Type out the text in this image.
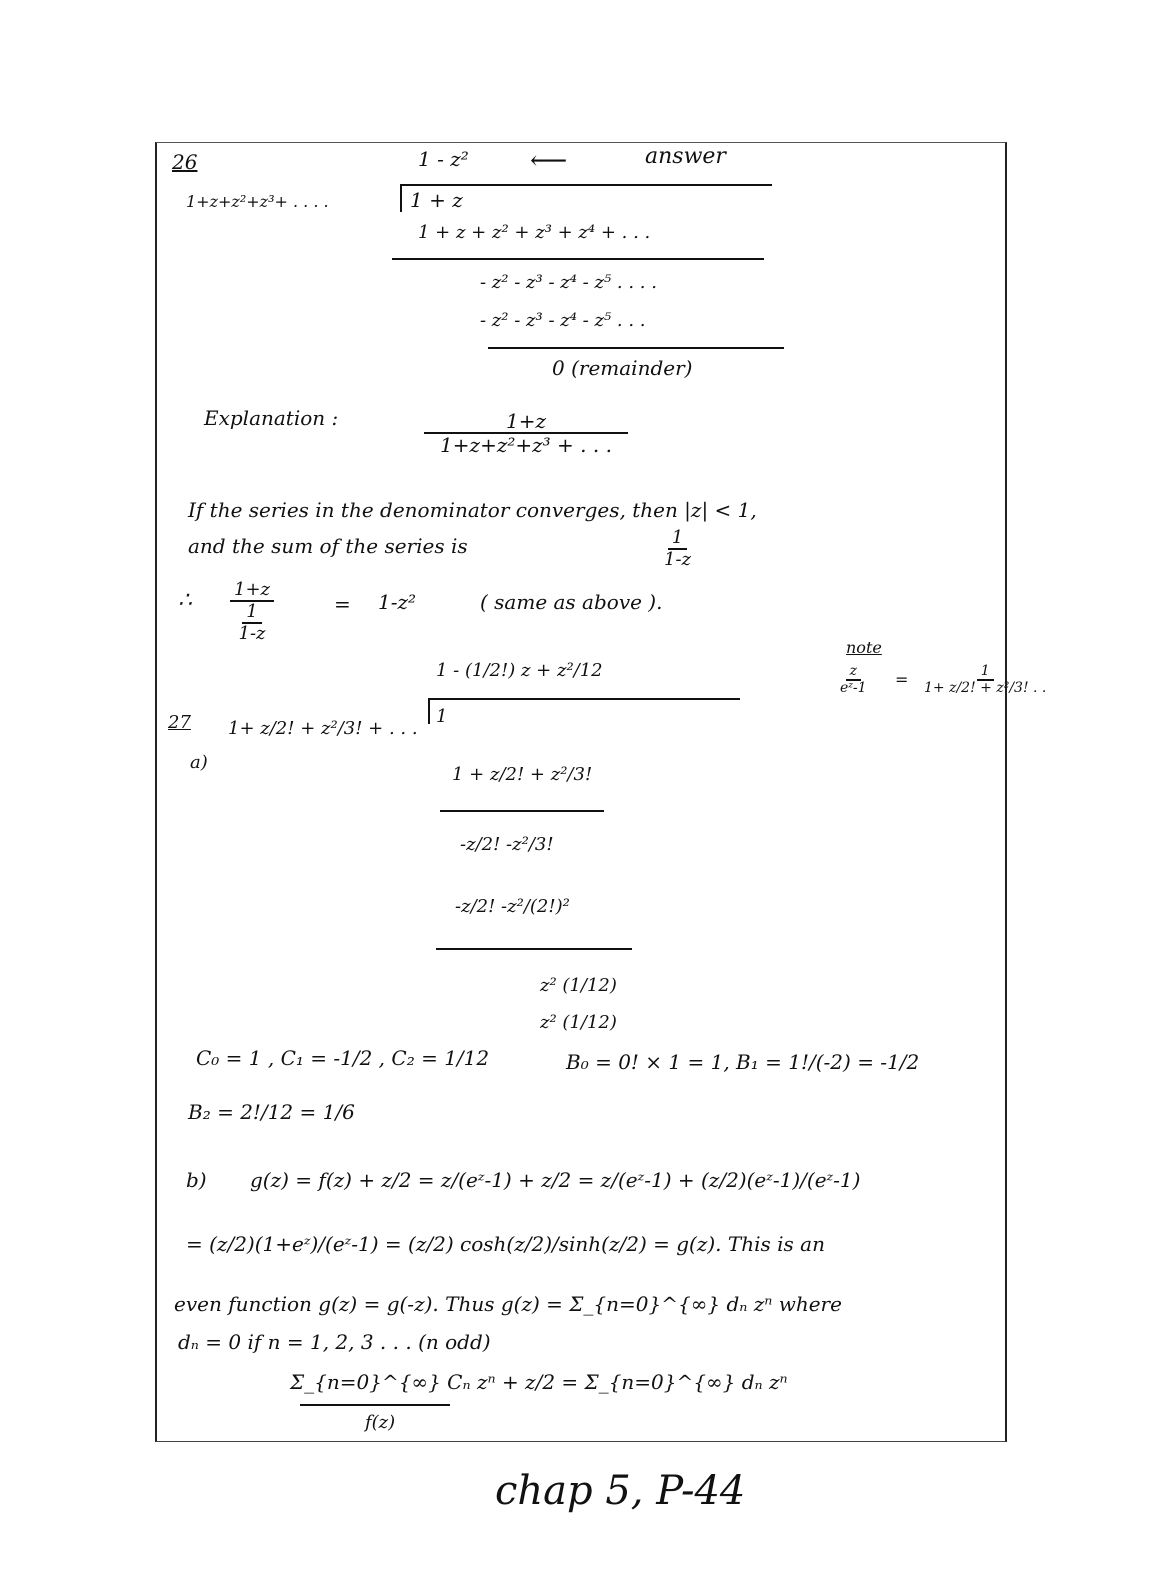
26	1 - z² ⟵	answer
1+z+z²+z³+ . . . .	1 + z
1 + z + z² + z³ + z⁴ + . . .
- z² - z³ - z⁴ - z⁵ . . . .
- z² - z³ - z⁴ - z⁵ . . .
0 (remainder)
Explanation :	$\frac{1+z}{\text{1+z+z²+z³ + . . .}}$
If the series in the denominator converges, then |z| < 1,
and the sum of the series is	$\frac{1}{1-z}$
∴ $\frac{1+z}{\frac{1}{1-z}}$	= 1-z²	( same as above ).
note
$\frac{z}{\text{eᶻ-1}} = \frac{1}{\text{1+ z/2! + z²/3! . .}}$
1 - (1/2!) z + z²/12
27 1+ z/2! + z²/3! + . . .
1
a)
1 + z/2! + z²/3!
-z/2! -z²/3!
-z/2! -z²/(2!)²
z² (1/12)
z² (1/12)
C₀ = 1 , C₁ = -1/2 , C₂ = 1/12	B₀ = 0! × 1 = 1, B₁ = 1!/(-2) = -1/2
B₂ = 2!/12 = 1/6
b) g(z) = f(z) + z/2 = z/(eᶻ-1) + z/2 = z/(eᶻ-1) + (z/2)(eᶻ-1)/(eᶻ-1)
= (z/2)(1+eᶻ)/(eᶻ-1) = (z/2) cosh(z/2)/sinh(z/2) = g(z). This is an
even function g(z) = g(-z). Thus g(z) = Σ_{n=0}^{∞} dₙ zⁿ where
dₙ = 0 if n = 1, 2, 3 . . . (n odd)
Σ_{n=0}^{∞} Cₙ zⁿ + z/2 = Σ_{n=0}^{∞} dₙ zⁿ
f(z)
chap 5, P-44
